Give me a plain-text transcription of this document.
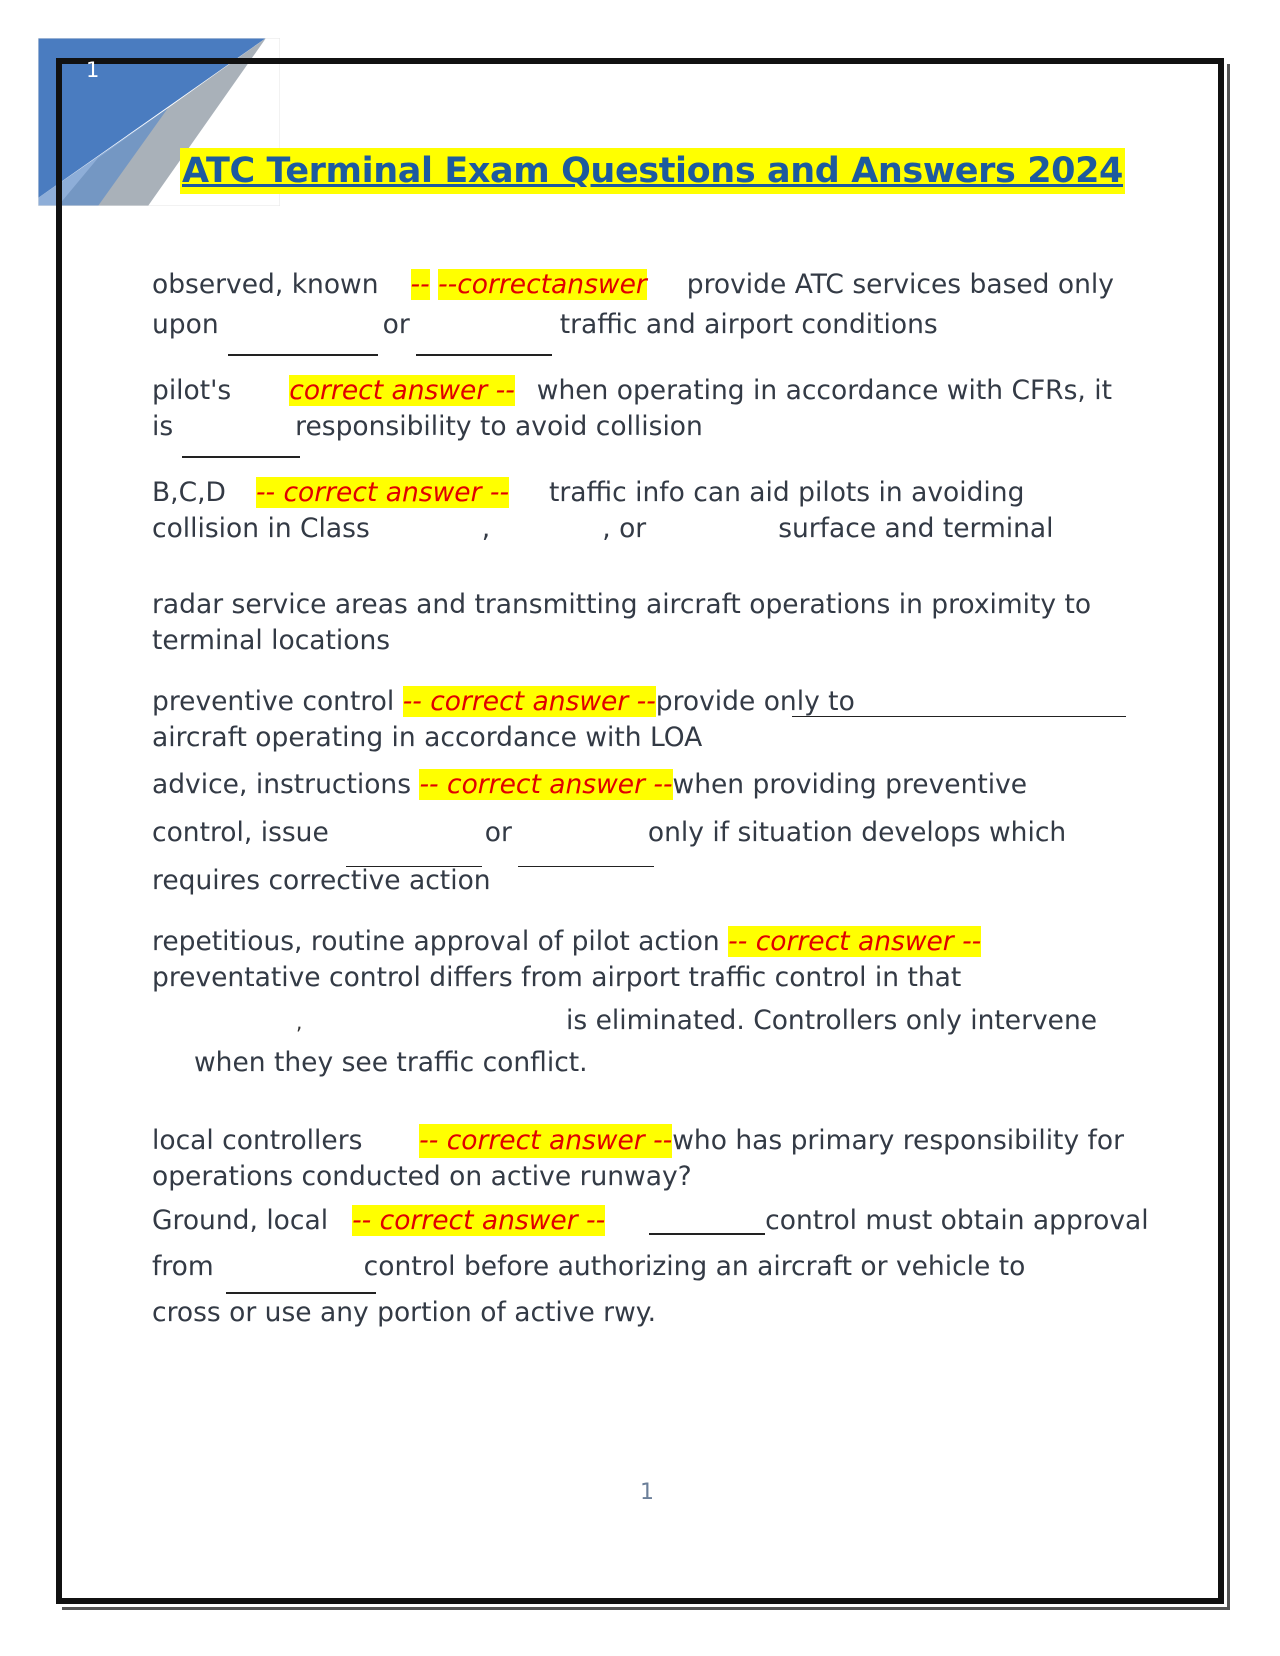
1
ATC Terminal Exam Questions and Answers 2024
observed, known -- --correctanswer provide ATC services based only
upon	or	traffic and airport conditions
pilot's correct answer -- when operating in accordance with CFRs, it
is	responsibility to avoid collision
B,C,D -- correct answer -- traffic info can aid pilots in avoiding
collision in Class	,	, or	surface and terminal
radar service areas and transmitting aircraft operations in proximity to
terminal locations
preventive control -- correct answer --provide only to
aircraft operating in accordance with LOA
advice, instructions -- correct answer --when providing preventive
control, issue	or	only if situation develops which
requires corrective action
repetitious, routine approval of pilot action -- correct answer --
preventative control differs from airport traffic control in that
,	is eliminated. Controllers only intervene
when they see traffic conflict.
local controllers -- correct answer -- who has primary responsibility for
operations conducted on active runway?
Ground, local -- correct answer --	control must obtain approval
from	control before authorizing an aircraft or vehicle to
cross or use any portion of active rwy.
1
